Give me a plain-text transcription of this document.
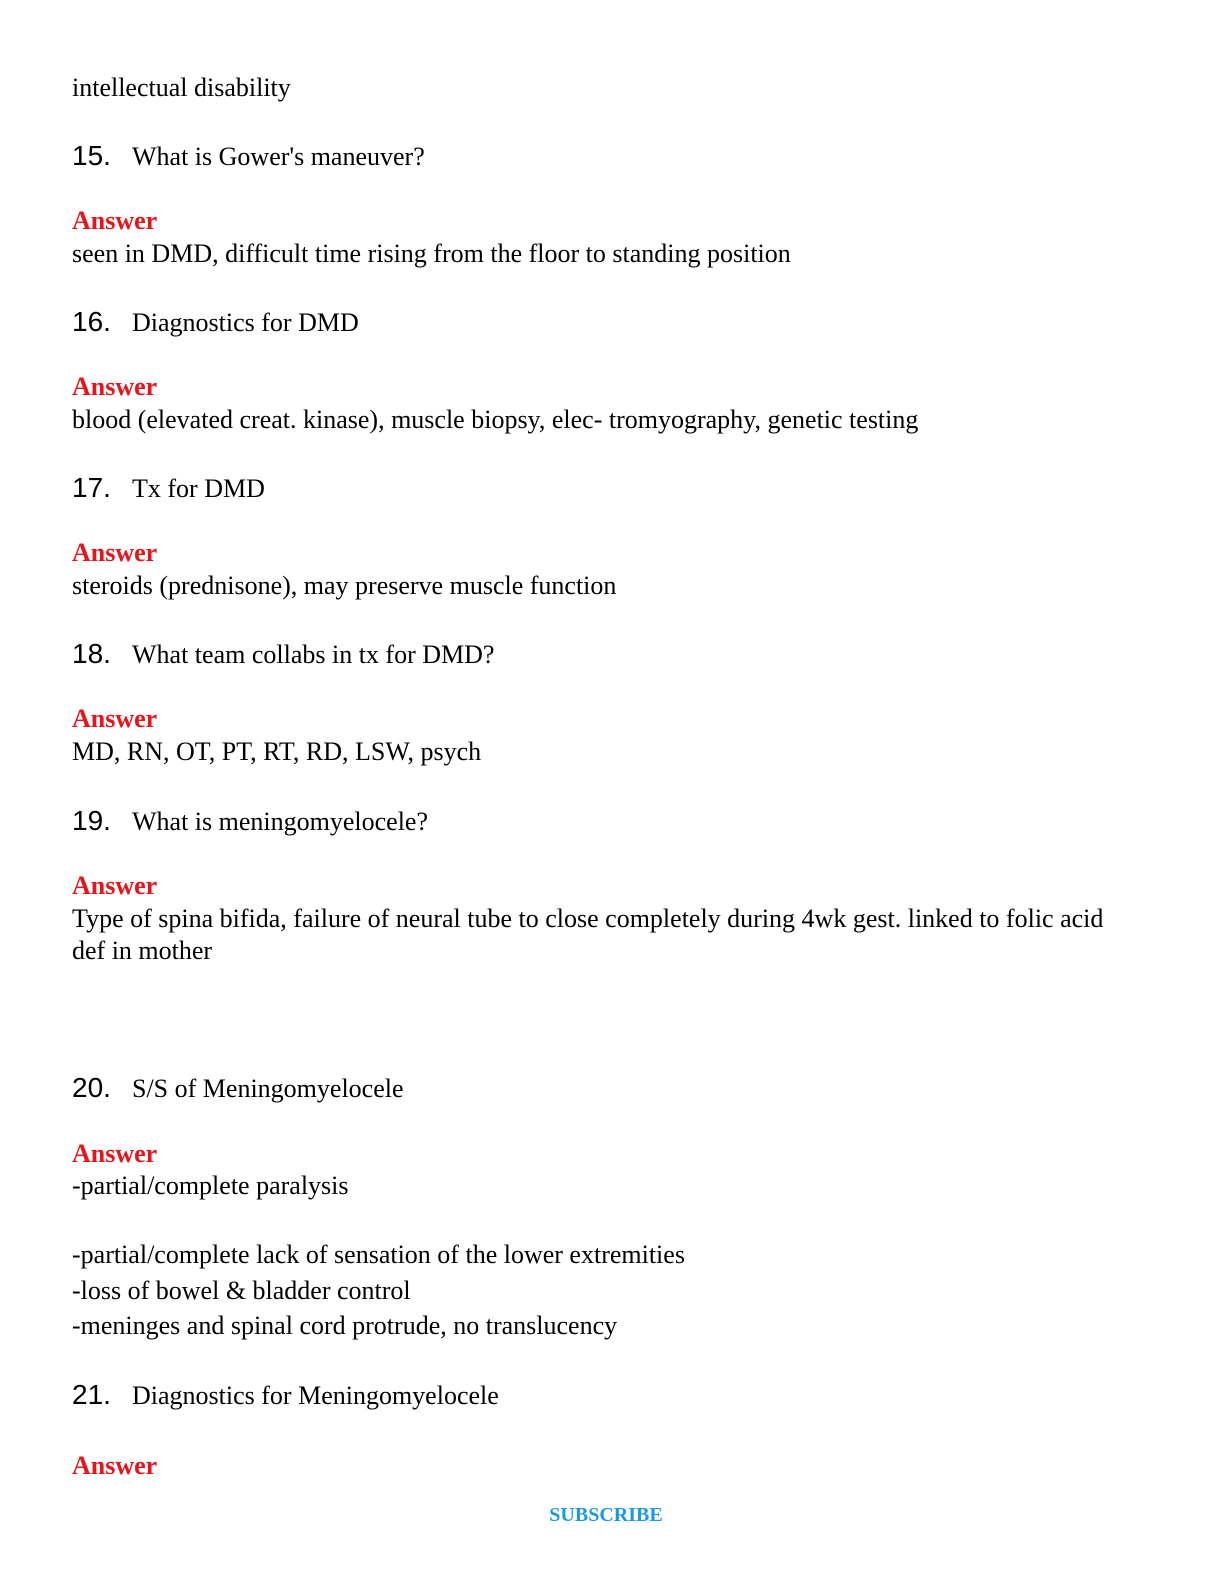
intellectual disability
15. What is Gower's maneuver?
Answer
seen in DMD, difficult time rising from the floor to standing position
16. Diagnostics for DMD
Answer
blood (elevated creat. kinase), muscle biopsy, elec- tromyography, genetic testing
17. Tx for DMD
Answer
steroids (prednisone), may preserve muscle function
18. What team collabs in tx for DMD?
Answer
MD, RN, OT, PT, RT, RD, LSW, psych
19. What is meningomyelocele?
Answer
Type of spina bifida, failure of neural tube to close completely during 4wk gest. linked to folic acid def in mother
20. S/S of Meningomyelocele
Answer
-partial/complete paralysis
-partial/complete lack of sensation of the lower extremities
-loss of bowel & bladder control
-meninges and spinal cord protrude, no translucency
21. Diagnostics for Meningomyelocele
Answer
SUBSCRIBE
